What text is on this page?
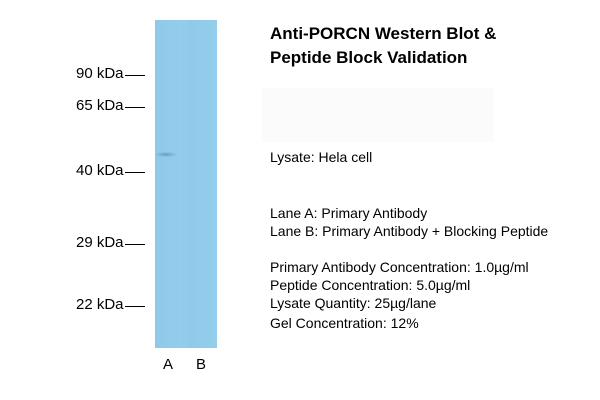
90 kDa
65 kDa
40 kDa
29 kDa
22 kDa
A B
Anti-PORCN Western Blot &
Peptide Block Validation
Lysate: Hela cell
Lane A: Primary Antibody
Lane B: Primary Antibody + Blocking Peptide
Primary Antibody Concentration: 1.0µg/ml
Peptide Concentration: 5.0µg/ml
Lysate Quantity: 25µg/lane
Gel Concentration: 12%
